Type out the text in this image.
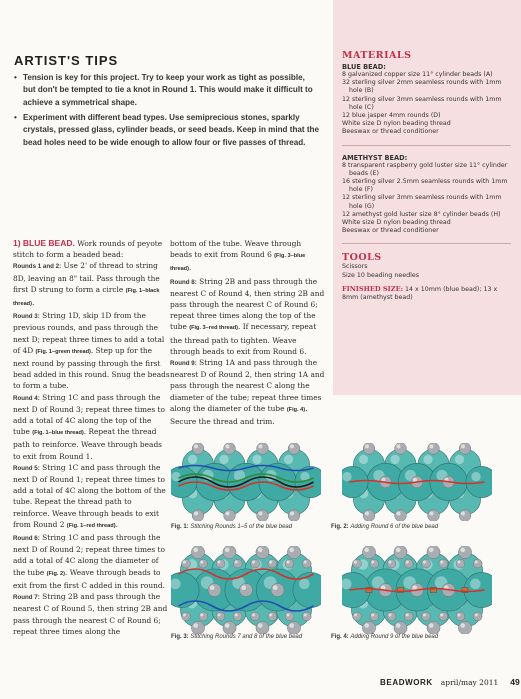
ARTIST'S TIPS
• Tension is key for this project. Try to keep your work as tight as possible, but don't be tempted to tie a knot in Round 1. This would make it difficult to achieve a symmetrical shape.
• Experiment with different bead types. Use semiprecious stones, sparkly crystals, pressed glass, cylinder beads, or seed beads. Keep in mind that the bead holes need to be wide enough to allow four or five passes of thread.
MATERIALS
BLUE BEAD:
8 galvanized copper size 11° cylinder beads (A)
32 sterling silver 2mm seamless rounds with 1mm hole (B)
12 sterling silver 3mm seamless rounds with 1mm hole (C)
12 blue jasper 4mm rounds (D)
White size D nylon beading thread
Beeswax or thread conditioner
AMETHYST BEAD:
8 transparent raspberry gold luster size 11° cylinder beads (E)
16 sterling silver 2.5mm seamless rounds with 1mm hole (F)
12 sterling silver 3mm seamless rounds with 1mm hole (G)
12 amethyst gold luster size 8° cylinder beads (H)
White size D nylon beading thread
Beeswax or thread conditioner
TOOLS
Scissors
Size 10 beading needles
FINISHED SIZE: 14 x 10mm (blue bead); 13 x 8mm (amethyst bead)
1) BLUE BEAD. Work rounds of peyote stitch to form a beaded bead:
Rounds 1 and 2: Use 2' of thread to string 8D, leaving an 8" tail. Pass through the first D strung to form a circle (Fig. 1–black thread).
Round 3: String 1D, skip 1D from the previous rounds, and pass through the next D; repeat three times to add a total of 4D (Fig. 1–green thread). Step up for the next round by passing through the first bead added in this round. Snug the beads to form a tube.
Round 4: String 1C and pass through the next D of Round 3; repeat three times to add a total of 4C along the top of the tube (Fig. 1–blue thread). Repeat the thread path to reinforce. Weave through beads to exit from Round 1.
Round 5: String 1C and pass through the next D of Round 1; repeat three times to add a total of 4C along the bottom of the tube. Repeat the thread path to reinforce. Weave through beads to exit from Round 2 (Fig. 1–red thread).
Round 6: String 1C and pass through the next D of Round 2; repeat three times to add a total of 4C along the diameter of the tube (Fig. 2). Weave through beads to exit from the first C added in this round.
Round 7: String 2B and pass through the nearest C of Round 5, then string 2B and pass through the nearest C of Round 6; repeat three times along the
bottom of the tube. Weave through beads to exit from Round 6 (Fig. 3–blue thread).
Round 8: String 2B and pass through the nearest C of Round 4, then string 2B and pass through the nearest C of Round 6; repeat three times along the top of the tube (Fig. 3–red thread). If necessary, repeat the thread path to tighten. Weave through beads to exit from Round 6.
Round 9: String 1A and pass through the nearest D of Round 2, then string 1A and pass through the nearest C along the diameter of the tube; repeat three times along the diameter of the tube (Fig. 4). Secure the thread and trim.
Fig. 1: Stitching Rounds 1–5 of the blue bead	Fig. 2: Adding Round 6 of the blue bead
Fig. 3: Stitching Rounds 7 and 8 of the blue bead	Fig. 4: Adding Round 9 of the blue bead
BEADWORK april/may 2011 49
